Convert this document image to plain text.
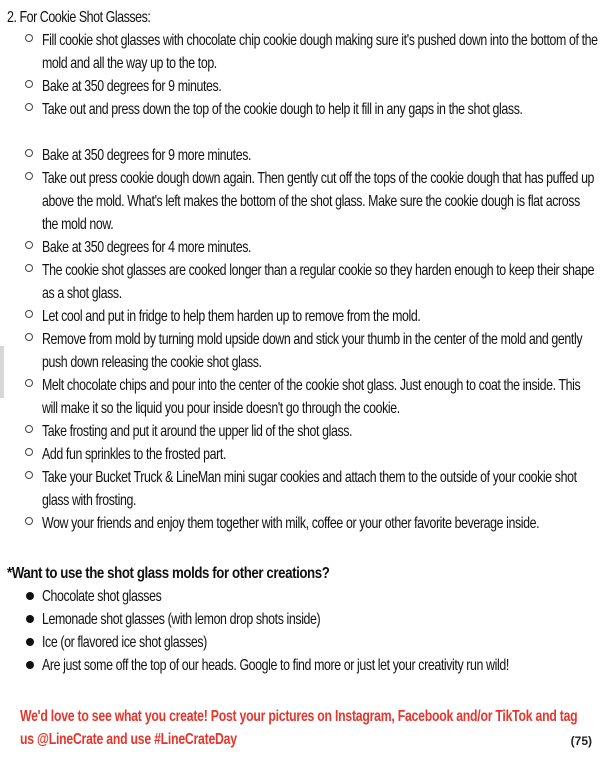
2. For Cookie Shot Glasses:
Fill cookie shot glasses with chocolate chip cookie dough making sure it's pushed down into the bottom of the mold and all the way up to the top.
Bake at 350 degrees for 9 minutes.
Take out and press down the top of the cookie dough to help it fill in any gaps in the shot glass.
Bake at 350 degrees for 9 more minutes.
Take out press cookie dough down again. Then gently cut off the tops of the cookie dough that has puffed up above the mold. What's left makes the bottom of the shot glass. Make sure the cookie dough is flat across the mold now.
Bake at 350 degrees for 4 more minutes.
The cookie shot glasses are cooked longer than a regular cookie so they harden enough to keep their shape as a shot glass.
Let cool and put in fridge to help them harden up to remove from the mold.
Remove from mold by turning mold upside down and stick your thumb in the center of the mold and gently push down releasing the cookie shot glass.
Melt chocolate chips and pour into the center of the cookie shot glass. Just enough to coat the inside. This will make it so the liquid you pour inside doesn't go through the cookie.
Take frosting and put it around the upper lid of the shot glass.
Add fun sprinkles to the frosted part.
Take your Bucket Truck & LineMan mini sugar cookies and attach them to the outside of your cookie shot glass with frosting.
Wow your friends and enjoy them together with milk, coffee or your other favorite beverage inside.
*Want to use the shot glass molds for other creations?
Chocolate shot glasses
Lemonade shot glasses (with lemon drop shots inside)
Ice (or flavored ice shot glasses)
Are just some off the top of our heads. Google to find more or just let your creativity run wild!
We'd love to see what you create! Post your pictures on Instagram, Facebook and/or TikTok and tag us @LineCrate and use #LineCrateDay	(75)
